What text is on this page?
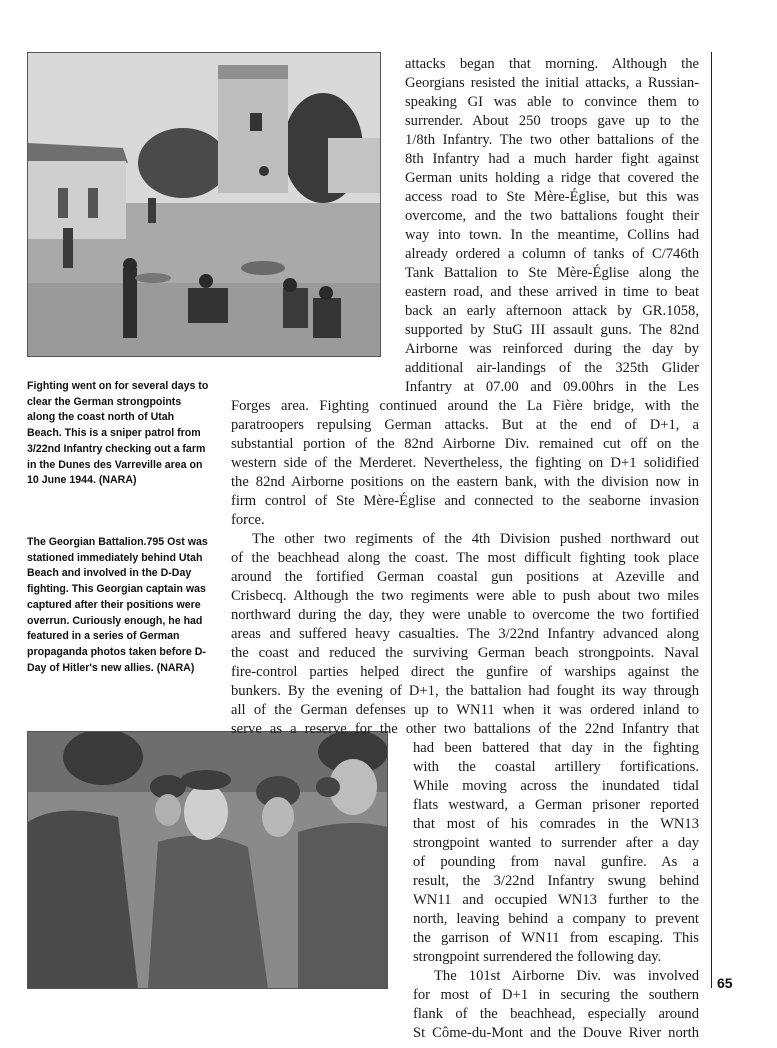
Fighting went on for several days to clear the German strongpoints along the coast north of Utah Beach. This is a sniper patrol from 3/22nd Infantry checking out a farm in the Dunes des Varreville area on 10 June 1944. (NARA)
The Georgian Battalion.795 Ost was stationed immediately behind Utah Beach and involved in the D-Day fighting. This Georgian captain was captured after their positions were overrun. Curiously enough, he had featured in a series of German propaganda photos taken before D-Day of Hitler's new allies. (NARA)

attacks began that morning. Although the

Georgians resisted the initial attacks, a Russian-

speaking GI was able to convince them to

surrender. About 250 troops gave up to the

1/8th Infantry. The two other battalions of the

8th Infantry had a much harder fight against

German units holding a ridge that covered the

access road to Ste Mère-Église, but this was

overcome, and the two battalions fought their

way into town. In the meantime, Collins had

already ordered a column of tanks of C/746th

Tank Battalion to Ste Mère-Église along the

eastern road, and these arrived in time to beat

back an early afternoon attack by GR.1058,

supported by StuG III assault guns. The 82nd

Airborne was reinforced during the day by

additional air-landings of the 325th Glider

Infantry at 07.00 and 09.00hrs in the Les

Forges area. Fighting continued around the La Fière bridge, with the

paratroopers repulsing German attacks. But at the end of D+1, a

substantial portion of the 82nd Airborne Div. remained cut off on the

western side of the Merderet. Nevertheless, the fighting on D+1 solidified

the 82nd Airborne positions on the eastern bank, with the division now in

firm control of Ste Mère-Église and connected to the seaborne invasion

force.

The other two regiments of the 4th Division pushed northward out

of the beachhead along the coast. The most difficult fighting took place

around the fortified German coastal gun positions at Azeville and

Crisbecq. Although the two regiments were able to push about two miles

northward during the day, they were unable to overcome the two fortified

areas and suffered heavy casualties. The 3/22nd Infantry advanced along

the coast and reduced the surviving German beach strongpoints. Naval

fire-control parties helped direct the gunfire of warships against the

bunkers. By the evening of D+1, the battalion had fought its way through

all of the German defenses up to WN11 when it was ordered inland to

serve as a reserve for the other two battalions of the 22nd Infantry that

had been battered that day in the fighting

with the coastal artillery fortifications.

While moving across the inundated tidal

flats westward, a German prisoner reported

that most of his comrades in the WN13

strongpoint wanted to surrender after a day

of pounding from naval gunfire. As a

result, the 3/22nd Infantry swung behind

WN11 and occupied WN13 further to the

north, leaving behind a company to prevent

the garrison of WN11 from escaping. This

strongpoint surrendered the following day.

The 101st Airborne Div. was involved

for most of D+1 in securing the southern

flank of the beachhead, especially around

St Côme-du-Mont and the Douve River north

65
